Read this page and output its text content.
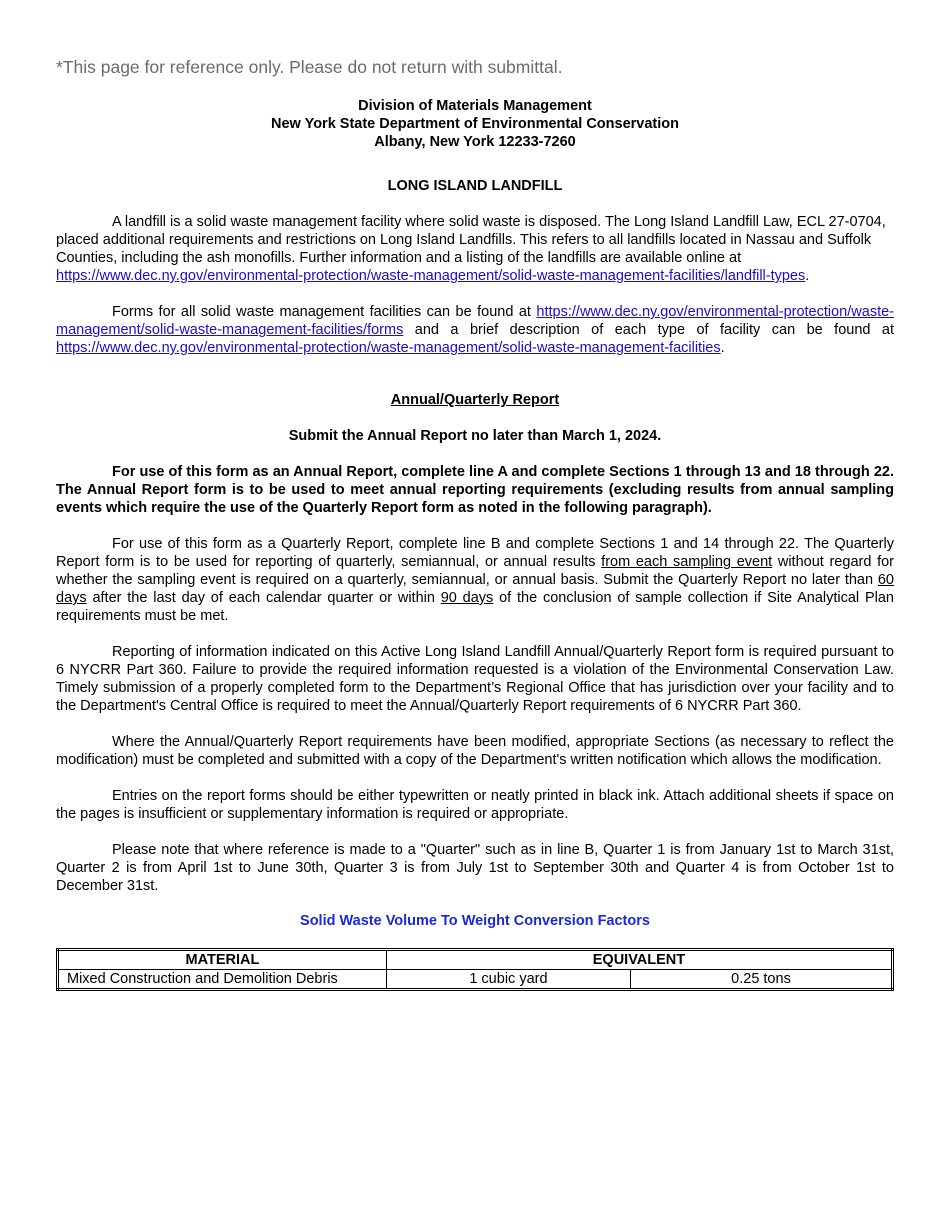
*This page for reference only. Please do not return with submittal.
Division of Materials Management
New York State Department of Environmental Conservation
Albany, New York 12233-7260
LONG ISLAND LANDFILL

A landfill is a solid waste management facility where solid waste is disposed. The Long Island Landfill Law, ECL 27-0704, placed additional requirements and restrictions on Long Island Landfills. This refers to all landfills located in Nassau and Suffolk Counties, including the ash monofills. Further information and a listing of the landfills are available online at https://www.dec.ny.gov/environmental-protection/waste-management/solid-waste-management-facilities/landfill-types.

Forms for all solid waste management facilities can be found at https://www.dec.ny.gov/environmental-protection/waste-management/solid-waste-management-facilities/forms and a brief description of each type of facility can be found at https://www.dec.ny.gov/environmental-protection/waste-management/solid-waste-management-facilities.

Annual/Quarterly Report
Submit the Annual Report no later than March 1, 2024.

For use of this form as an Annual Report, complete line A and complete Sections 1 through 13 and 18 through 22. The Annual Report form is to be used to meet annual reporting requirements (excluding results from annual sampling events which require the use of the Quarterly Report form as noted in the following paragraph).

For use of this form as a Quarterly Report, complete line B and complete Sections 1 and 14 through 22. The Quarterly Report form is to be used for reporting of quarterly, semiannual, or annual results from each sampling event without regard for whether the sampling event is required on a quarterly, semiannual, or annual basis. Submit the Quarterly Report no later than 60 days after the last day of each calendar quarter or within 90 days of the conclusion of sample collection if Site Analytical Plan requirements must be met.

Reporting of information indicated on this Active Long Island Landfill Annual/Quarterly Report form is required pursuant to 6 NYCRR Part 360. Failure to provide the required information requested is a violation of the Environmental Conservation Law. Timely submission of a properly completed form to the Department’s Regional Office that has jurisdiction over your facility and to the Department's Central Office is required to meet the Annual/Quarterly Report requirements of 6 NYCRR Part 360.

Where the Annual/Quarterly Report requirements have been modified, appropriate Sections (as necessary to reflect the modification) must be completed and submitted with a copy of the Department's written notification which allows the modification.

Entries on the report forms should be either typewritten or neatly printed in black ink. Attach additional sheets if space on the pages is insufficient or supplementary information is required or appropriate.

Please note that where reference is made to a "Quarter" such as in line B, Quarter 1 is from January 1st to March 31st, Quarter 2 is from April 1st to June 30th, Quarter 3 is from July 1st to September 30th and Quarter 4 is from October 1st to December 31st.

Solid Waste Volume To Weight Conversion Factors
MATERIAL	EQUIVALENT	
Mixed Construction and Demolition Debris	1 cubic yard	0.25 tons
